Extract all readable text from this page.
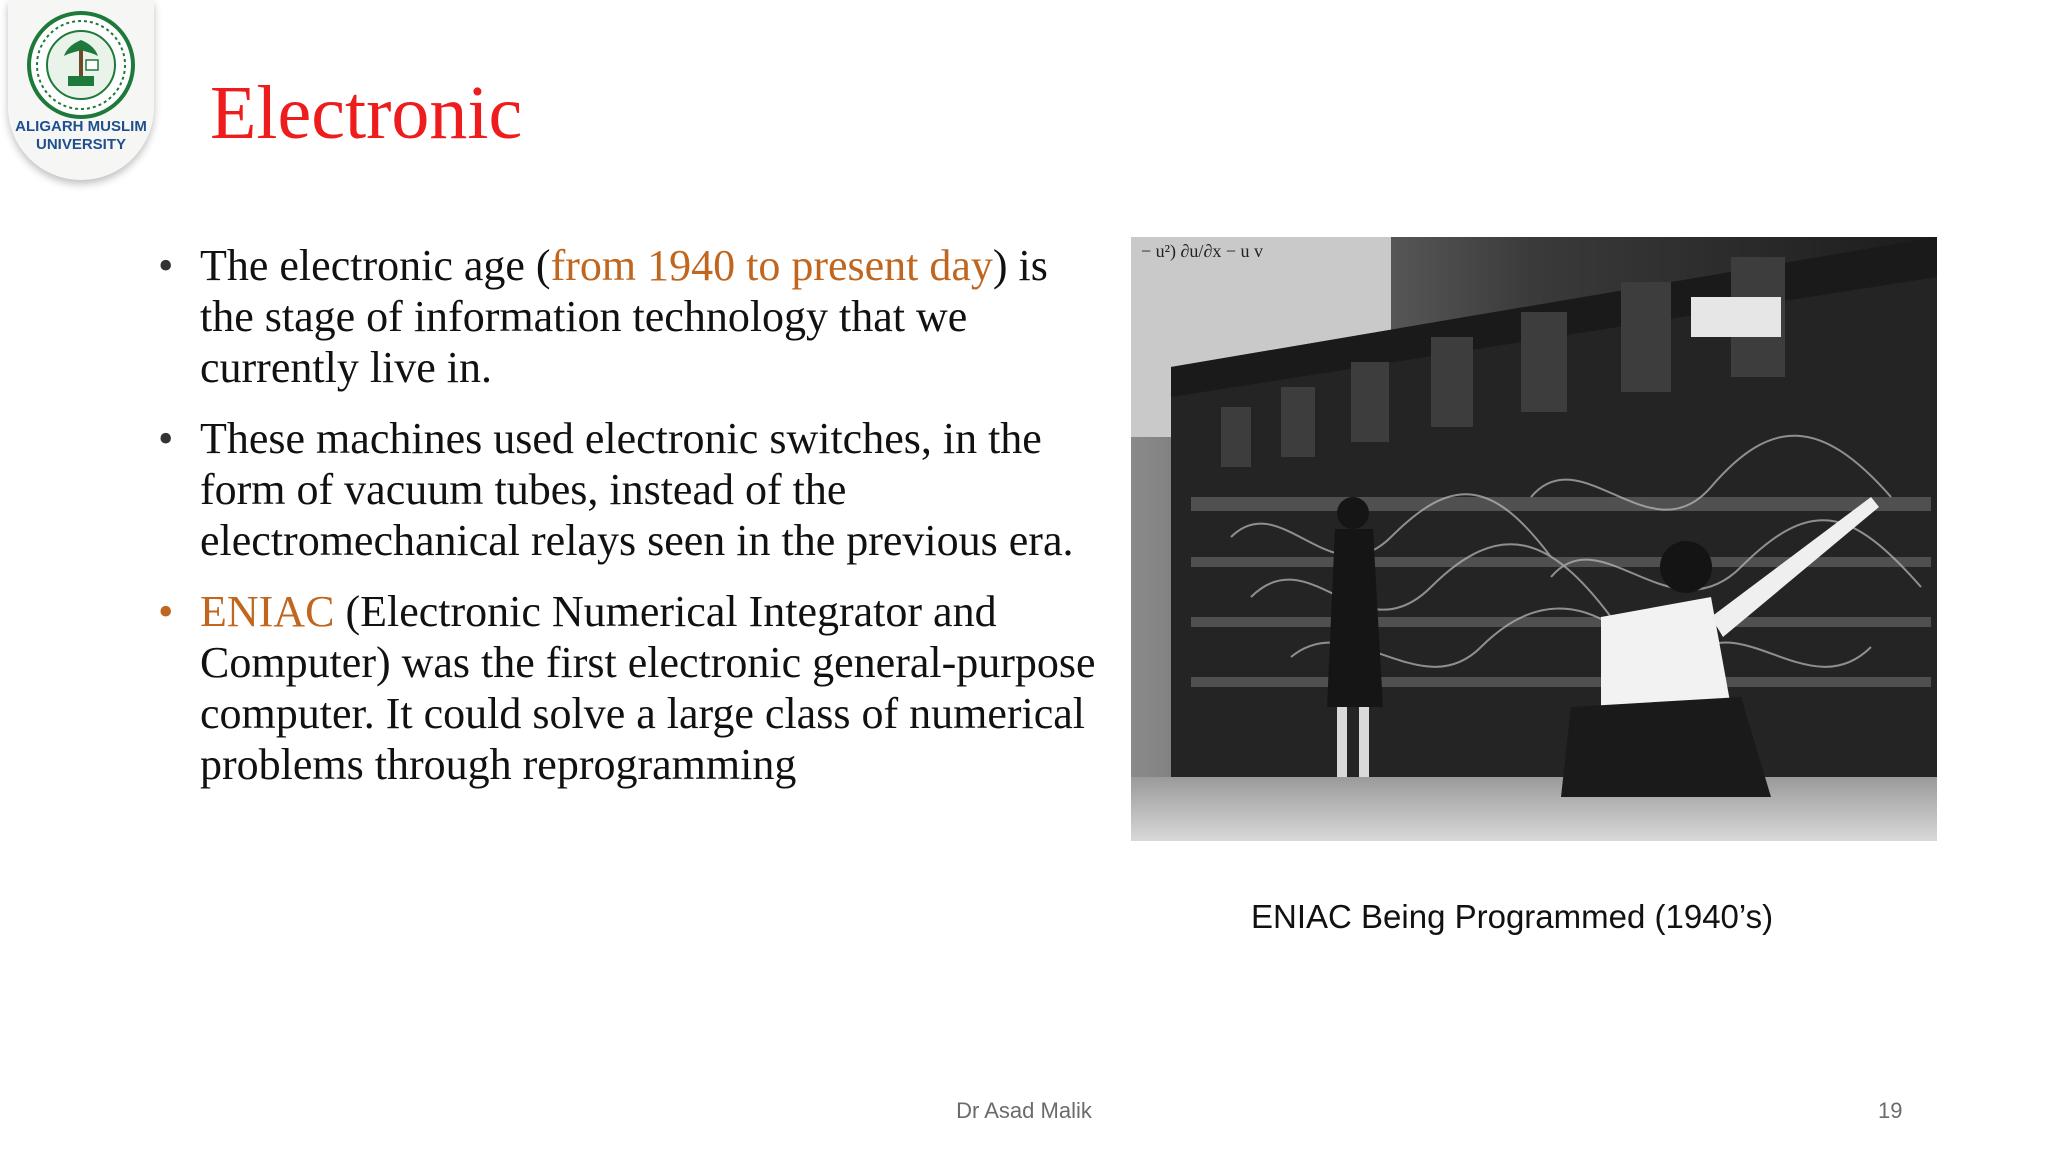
ALIGARH MUSLIM
UNIVERSITY	Electronic
• The electronic age (from 1940 to present day) is the stage of information technology that we currently live in.
• These machines used electronic switches, in the form of vacuum tubes, instead of the electromechanical relays seen in the previous era.
• ENIAC (Electronic Numerical Integrator and Computer) was the first electronic general-purpose computer. It could solve a large class of numerical problems through reprogramming
− u²) ∂u/∂x − u v
ENIAC Being Programmed (1940’s)
Dr Asad Malik	19
